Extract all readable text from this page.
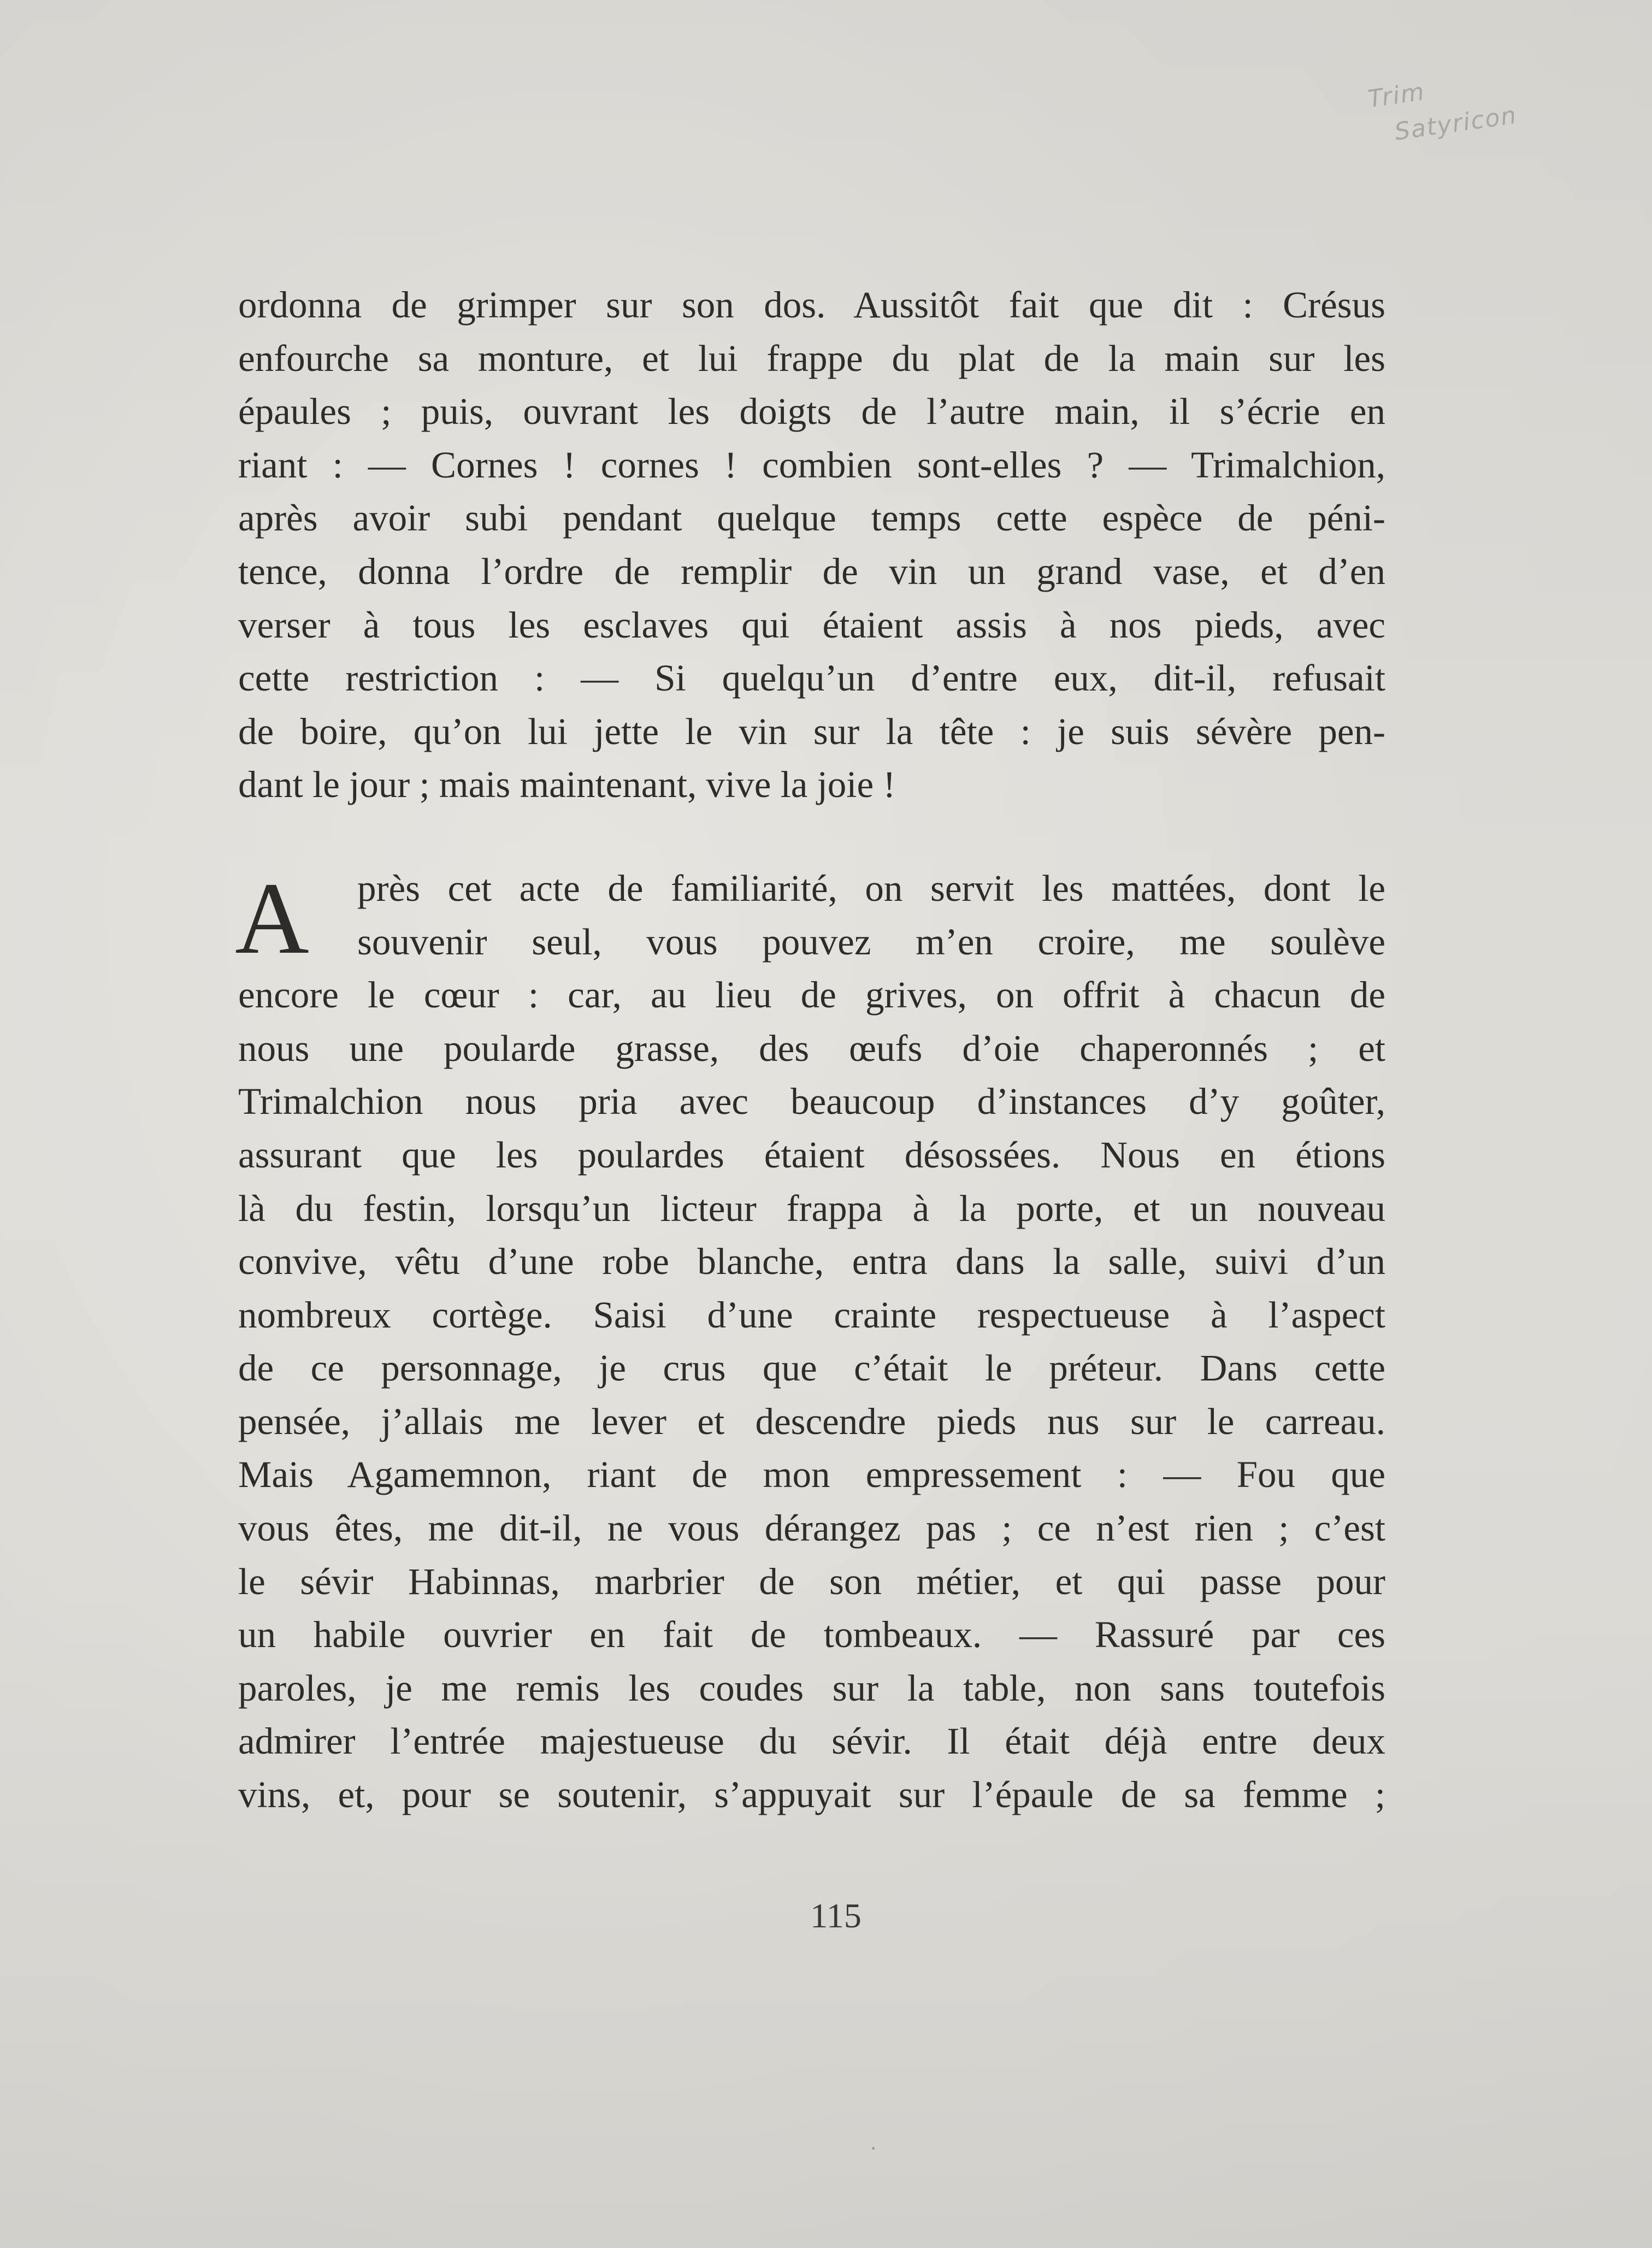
Trim
Satyricon
ordonna de grimper sur son dos. Aussitôt fait que dit : Crésus
enfourche sa monture, et lui frappe du plat de la main sur les
épaules ; puis, ouvrant les doigts de l’autre main, il s’écrie en
riant : — Cornes ! cornes ! combien sont-elles ? — Trimalchion,
après avoir subi pendant quelque temps cette espèce de péni-
tence, donna l’ordre de remplir de vin un grand vase, et d’en
verser à tous les esclaves qui étaient assis à nos pieds, avec
cette restriction : — Si quelqu’un d’entre eux, dit-il, refusait
de boire, qu’on lui jette le vin sur la tête : je suis sévère pen-
dant le jour ; mais maintenant, vive la joie !
A	près cet acte de familiarité, on servit les mattées, dont le
souvenir seul, vous pouvez m’en croire, me soulève
encore le cœur : car, au lieu de grives, on offrit à chacun de
nous une poularde grasse, des œufs d’oie chaperonnés ; et
Trimalchion nous pria avec beaucoup d’instances d’y goûter,
assurant que les poulardes étaient désossées. Nous en étions
là du festin, lorsqu’un licteur frappa à la porte, et un nouveau
convive, vêtu d’une robe blanche, entra dans la salle, suivi d’un
nombreux cortège. Saisi d’une crainte respectueuse à l’aspect
de ce personnage, je crus que c’était le préteur. Dans cette
pensée, j’allais me lever et descendre pieds nus sur le carreau.
Mais Agamemnon, riant de mon empressement : — Fou que
vous êtes, me dit-il, ne vous dérangez pas ; ce n’est rien ; c’est
le sévir Habinnas, marbrier de son métier, et qui passe pour
un habile ouvrier en fait de tombeaux. — Rassuré par ces
paroles, je me remis les coudes sur la table, non sans toutefois
admirer l’entrée majestueuse du sévir. Il était déjà entre deux
vins, et, pour se soutenir, s’appuyait sur l’épaule de sa femme ;
115
